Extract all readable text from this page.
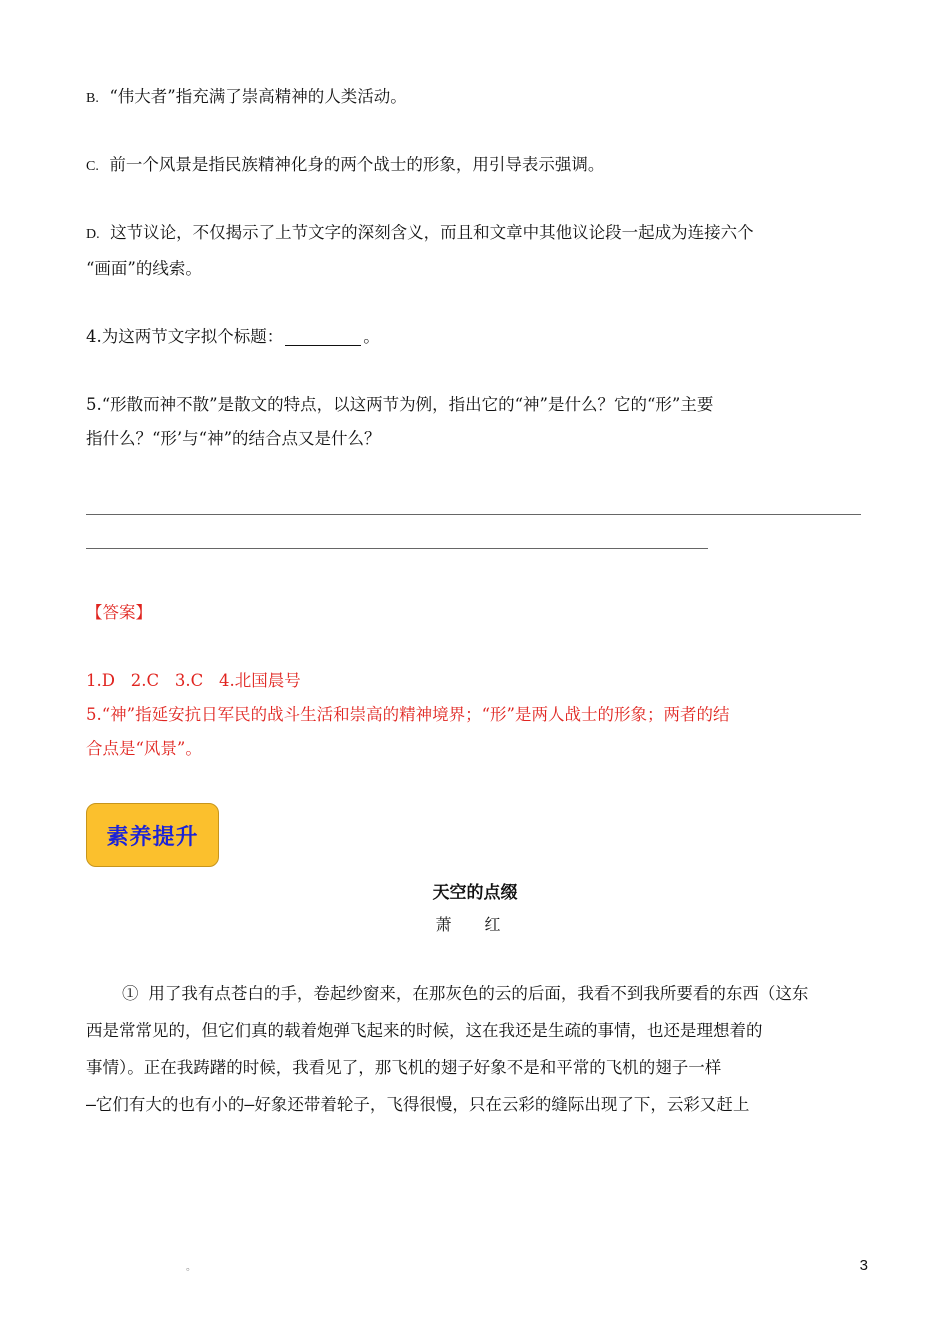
B. “伟大者”指充满了崇高精神的人类活动。
C. 前一个风景是指民族精神化身的两个战士的形象，用引导表示强调。
D. 这节议论，不仅揭示了上节文字的深刻含义，而且和文章中其他议论段一起成为连接六个
“画面”的线索。
4.为这两节文字拟个标题：	。
5.“形散而神不散”是散文的特点，以这两节为例，指出它的“神”是什么？它的“形”主要
指什么？“形’与“神”的结合点又是什么？
【答案】
1.D 2.C 3.C 4.北国晨号
5.“神”指延安抗日军民的战斗生活和崇高的精神境界；“形”是两人战士的形象；两者的结
合点是“风景”。
素养提升
天空的点缀
萧 红
① 用了我有点苍白的手，卷起纱窗来，在那灰色的云的后面，我看不到我所要看的东西（这东
西是常常见的，但它们真的载着炮弹飞起来的时候，这在我还是生疏的事情，也还是理想着的
事情）。正在我踌躇的时候，我看见了，那飞机的翅子好象不是和平常的飞机的翅子一样
—它们有大的也有小的—好象还带着轮子，飞得很慢，只在云彩的缝际出现了下，云彩又赶上
。	3
